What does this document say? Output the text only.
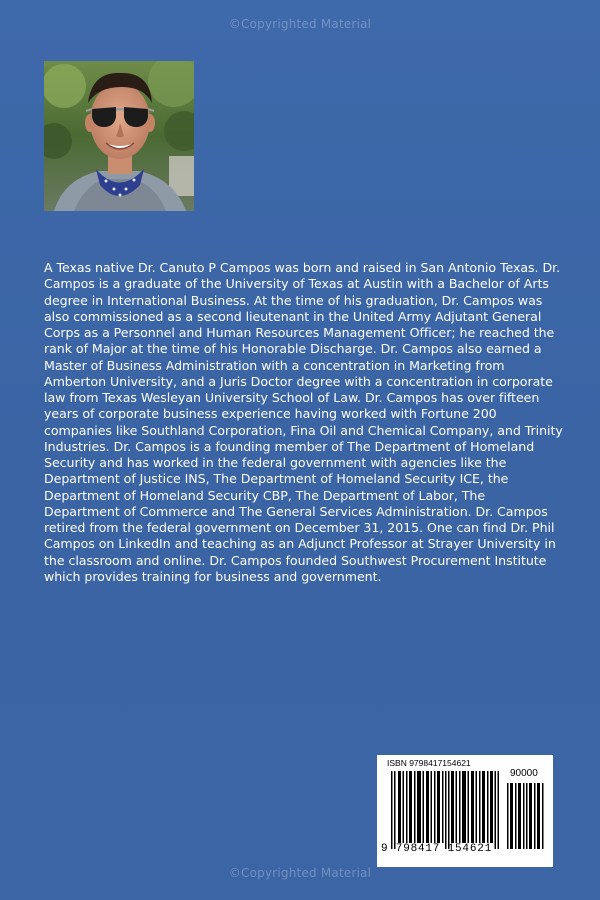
©Copyrighted Material

A Texas native Dr. Canuto P Campos was born and raised in San Antonio Texas. Dr. Campos is a graduate of the University of Texas at Austin with a Bachelor of Arts degree in International Business. At the time of his graduation, Dr. Campos was also commissioned as a second lieutenant in the United Army Adjutant General Corps as a Personnel and Human Resources Management Officer; he reached the rank of Major at the time of his Honorable Discharge. Dr. Campos also earned a Master of Business Administration with a concentration in Marketing from Amberton University, and a Juris Doctor degree with a concentration in corporate law from Texas Wesleyan University School of Law. Dr. Campos has over fifteen years of corporate business experience having worked with Fortune 200 companies like Southland Corporation, Fina Oil and Chemical Company, and Trinity Industries. Dr. Campos is a founding member of The Department of Homeland Security and has worked in the federal government with agencies like the Department of Justice INS, The Department of Homeland Security ICE, the Department of Homeland Security CBP, The Department of Labor, The Department of Commerce and The General Services Administration. Dr. Campos retired from the federal government on December 31, 2015. One can find Dr. Phil Campos on LinkedIn and teaching as an Adjunct Professor at Strayer University in the classroom and online. Dr. Campos founded Southwest Procurement Institute which provides training for business and government.

ISBN 9798417154621
90000
9 798417 154621
©Copyrighted Material
